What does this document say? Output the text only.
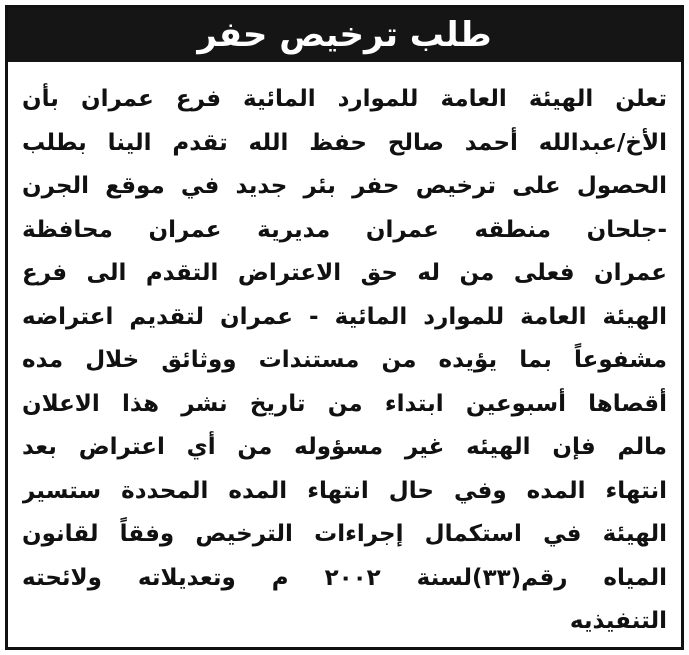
طلب ترخيص حفر
تعلن الهيئة العامة للموارد المائية فرع عمران بأن
الأخ/عبدالله أحمد صالح حفظ الله تقدم الينا بطلب
الحصول على ترخيص حفر بئر جديد في موقع الجرن
-جلحان منطقه عمران مديرية عمران محافظة
عمران فعلى من له حق الاعتراض التقدم الى فرع
الهيئة العامة للموارد المائية - عمران لتقديم اعتراضه
مشفوعاً بما يؤيده من مستندات ووثائق خلال مده
أقصاها أسبوعين ابتداء من تاريخ نشر هذا الاعلان
مالم فإن الهيئه غير مسؤوله من أي اعتراض بعد
انتهاء المده وفي حال انتهاء المده المحددة ستسير
الهيئة في استكمال إجراءات الترخيص وفقاً لقانون
المياه رقم(٣٣)لسنة ٢٠٠٢ م وتعديلاته ولائحته
التنفيذيه
